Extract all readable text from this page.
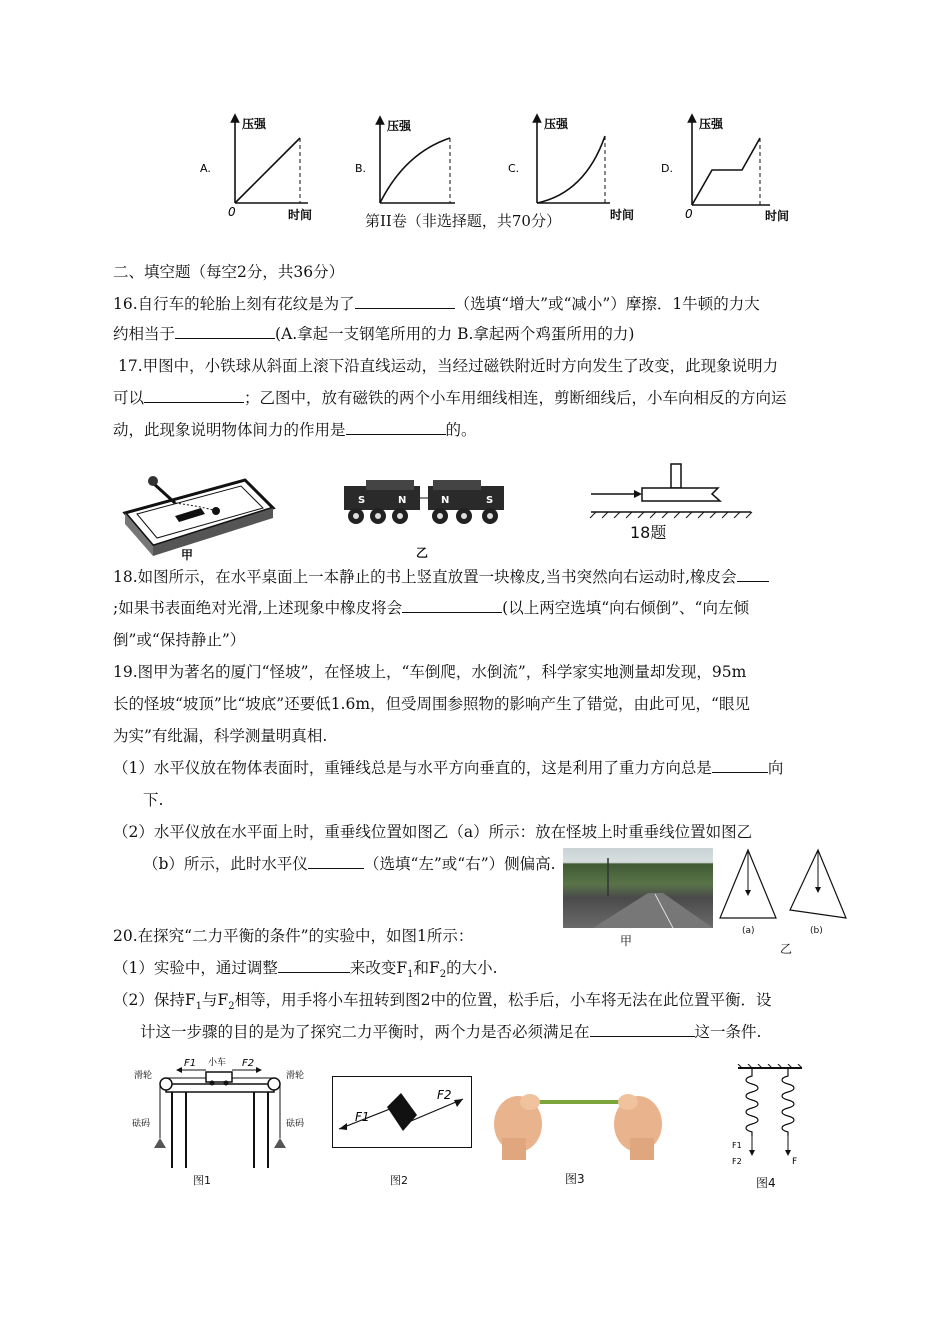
A.
压强
0	时间
B.
压强
C.
压强
时间
D.
压强
0	时间
第II卷（非选择题，共70分）
二、填空题（每空2分，共36分）
16.自行车的轮胎上刻有花纹是为了	（选填“增大”或“减小”）摩擦．1牛顿的力大
约相当于	(A.拿起一支钢笔所用的力 B.拿起两个鸡蛋所用的力)
17.甲图中，小铁球从斜面上滚下沿直线运动，当经过磁铁附近时方向发生了改变，此现象说明力
可以	；乙图中，放有磁铁的两个小车用细线相连，剪断细线后，小车向相反的方向运
动，此现象说明物体间力的作用是	的。
甲
S	N	N	S
乙
18题
18.如图所示，在水平桌面上一本静止的书上竖直放置一块橡皮,当书突然向右运动时,橡皮会
;如果书表面绝对光滑,上述现象中橡皮将会	(以上两空选填“向右倾倒”、“向左倾
倒”或“保持静止”）
19.图甲为著名的厦门“怪坡”，在怪坡上，“车倒爬，水倒流”，科学家实地测量却发现，95m
长的怪坡“坡顶”比“坡底”还要低1.6m，但受周围参照物的影响产生了错觉，由此可见，“眼见
为实”有纰漏，科学测量明真相.
（1）水平仪放在物体表面时，重锤线总是与水平方向垂直的，这是利用了重力方向总是	向
下.
（2）水平仪放在水平面上时，重垂线位置如图乙（a）所示：放在怪坡上时重垂线位置如图乙
（b）所示，此时水平仪	（选填“左”或“右”）侧偏高.
甲
(a)	(b)
乙
20.在探究“二力平衡的条件”的实验中，如图1所示：
（1）实验中，通过调整	来改变$F_1$和$F_2$的大小.
（2）保持$F_1$与$F_2$相等，用手将小车扭转到图2中的位置，松手后，小车将无法在此位置平衡．设
计这一步骤的目的是为了探究二力平衡时，两个力是否必须满足在	这一条件.
F1	F2
小车
滑轮	滑轮
砝码	砝码
图1
F1
F2
图2	图3
F1
F2	F
图4
